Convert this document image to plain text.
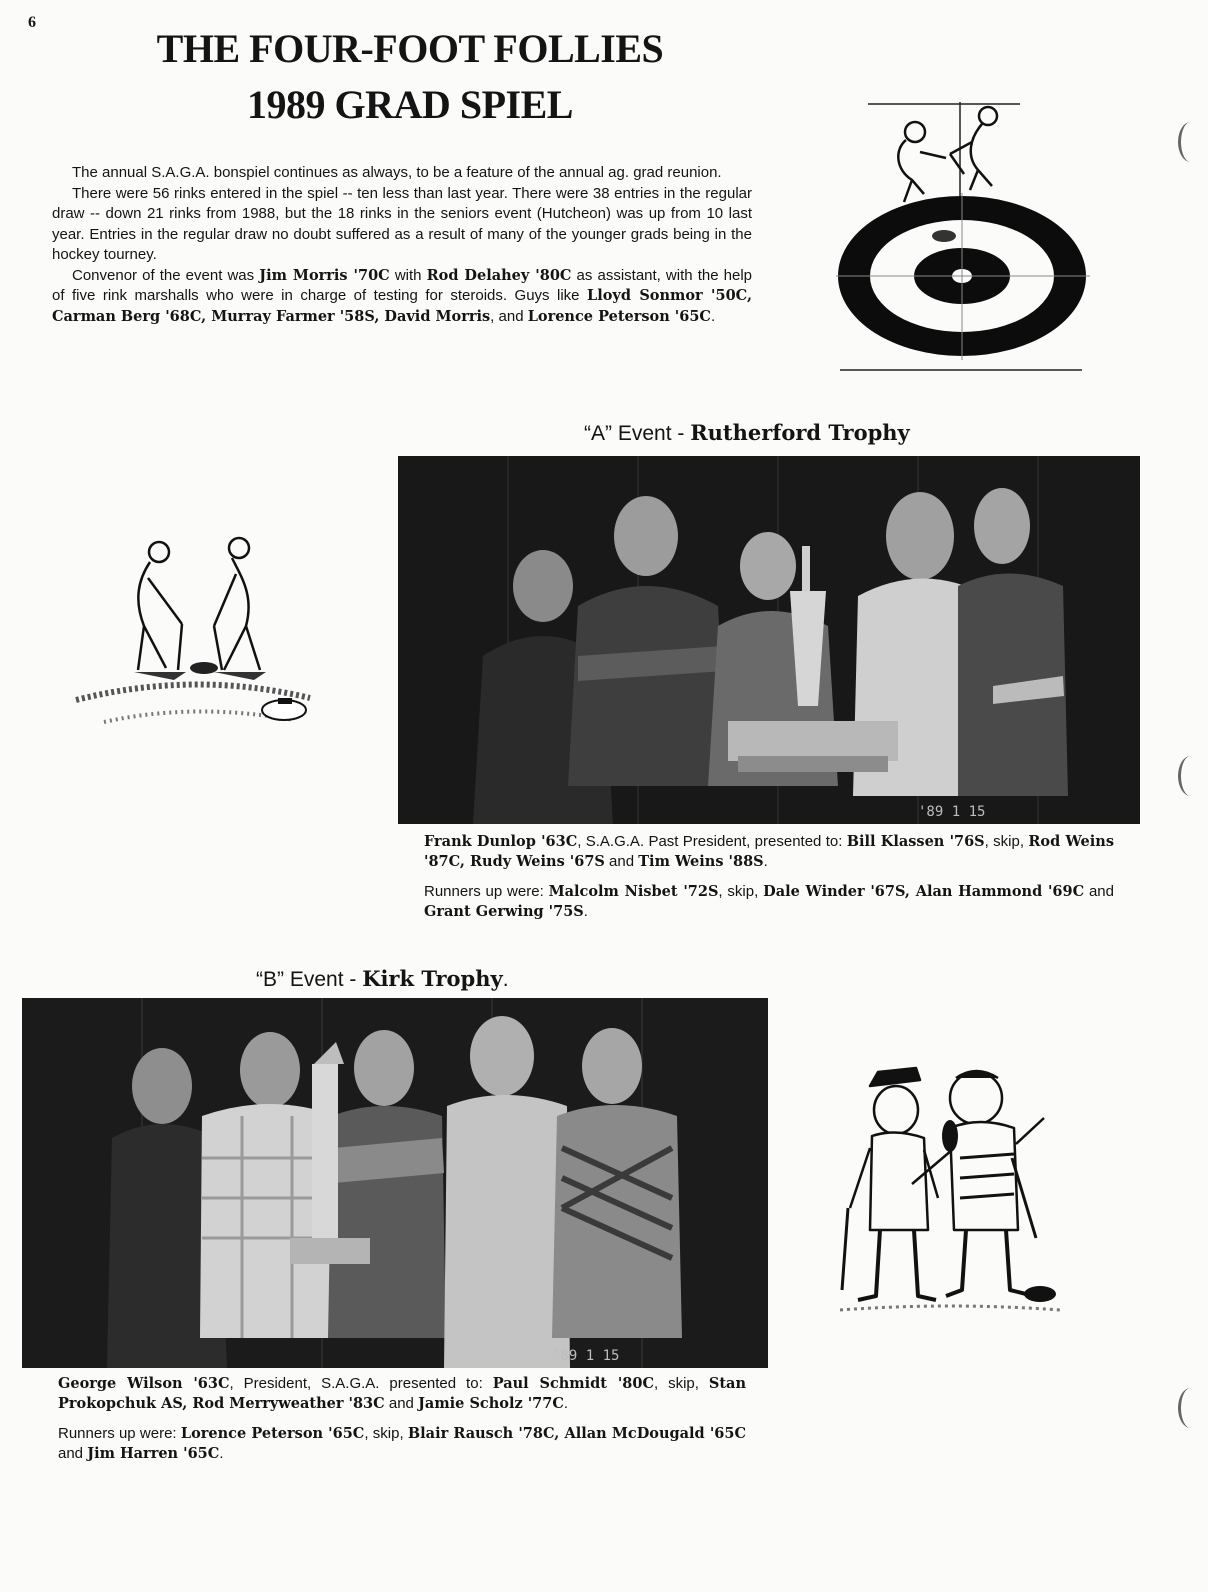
6
THE FOUR-FOOT FOLLIES
1989 GRAD SPIEL

The annual S.A.G.A. bonspiel continues as always, to be a feature of the annual ag. grad reunion.

There were 56 rinks entered in the spiel -- ten less than last year. There were 38 entries in the regular draw -- down 21 rinks from 1988, but the 18 rinks in the seniors event (Hutcheon) was up from 10 last year. Entries in the regular draw no doubt suffered as a result of many of the younger grads being in the hockey tourney.

Convenor of the event was Jim Morris '70C with Rod Delahey '80C as assistant, with the help of five rink marshalls who were in charge of testing for steroids. Guys like Lloyd Sonmor '50C, Carman Berg '68C, Murray Farmer '58S, David Morris, and Lorence Peterson '65C.

“A” Event - Rutherford Trophy
'89 1 15

Frank Dunlop '63C, S.A.G.A. Past President, presented to: Bill Klassen '76S, skip, Rod Weins '87C, Rudy Weins '67S and Tim Weins '88S.

Runners up were: Malcolm Nisbet '72S, skip, Dale Winder '67S, Alan Hammond '69C and Grant Gerwing '75S.

“B” Event - Kirk Trophy.
'89 1 15

George Wilson '63C, President, S.A.G.A. presented to: Paul Schmidt '80C, skip, Stan Prokopchuk AS, Rod Merryweather '83C and Jamie Scholz '77C.

Runners up were: Lorence Peterson '65C, skip, Blair Rausch '78C, Allan McDougald '65C and Jim Harren '65C.
